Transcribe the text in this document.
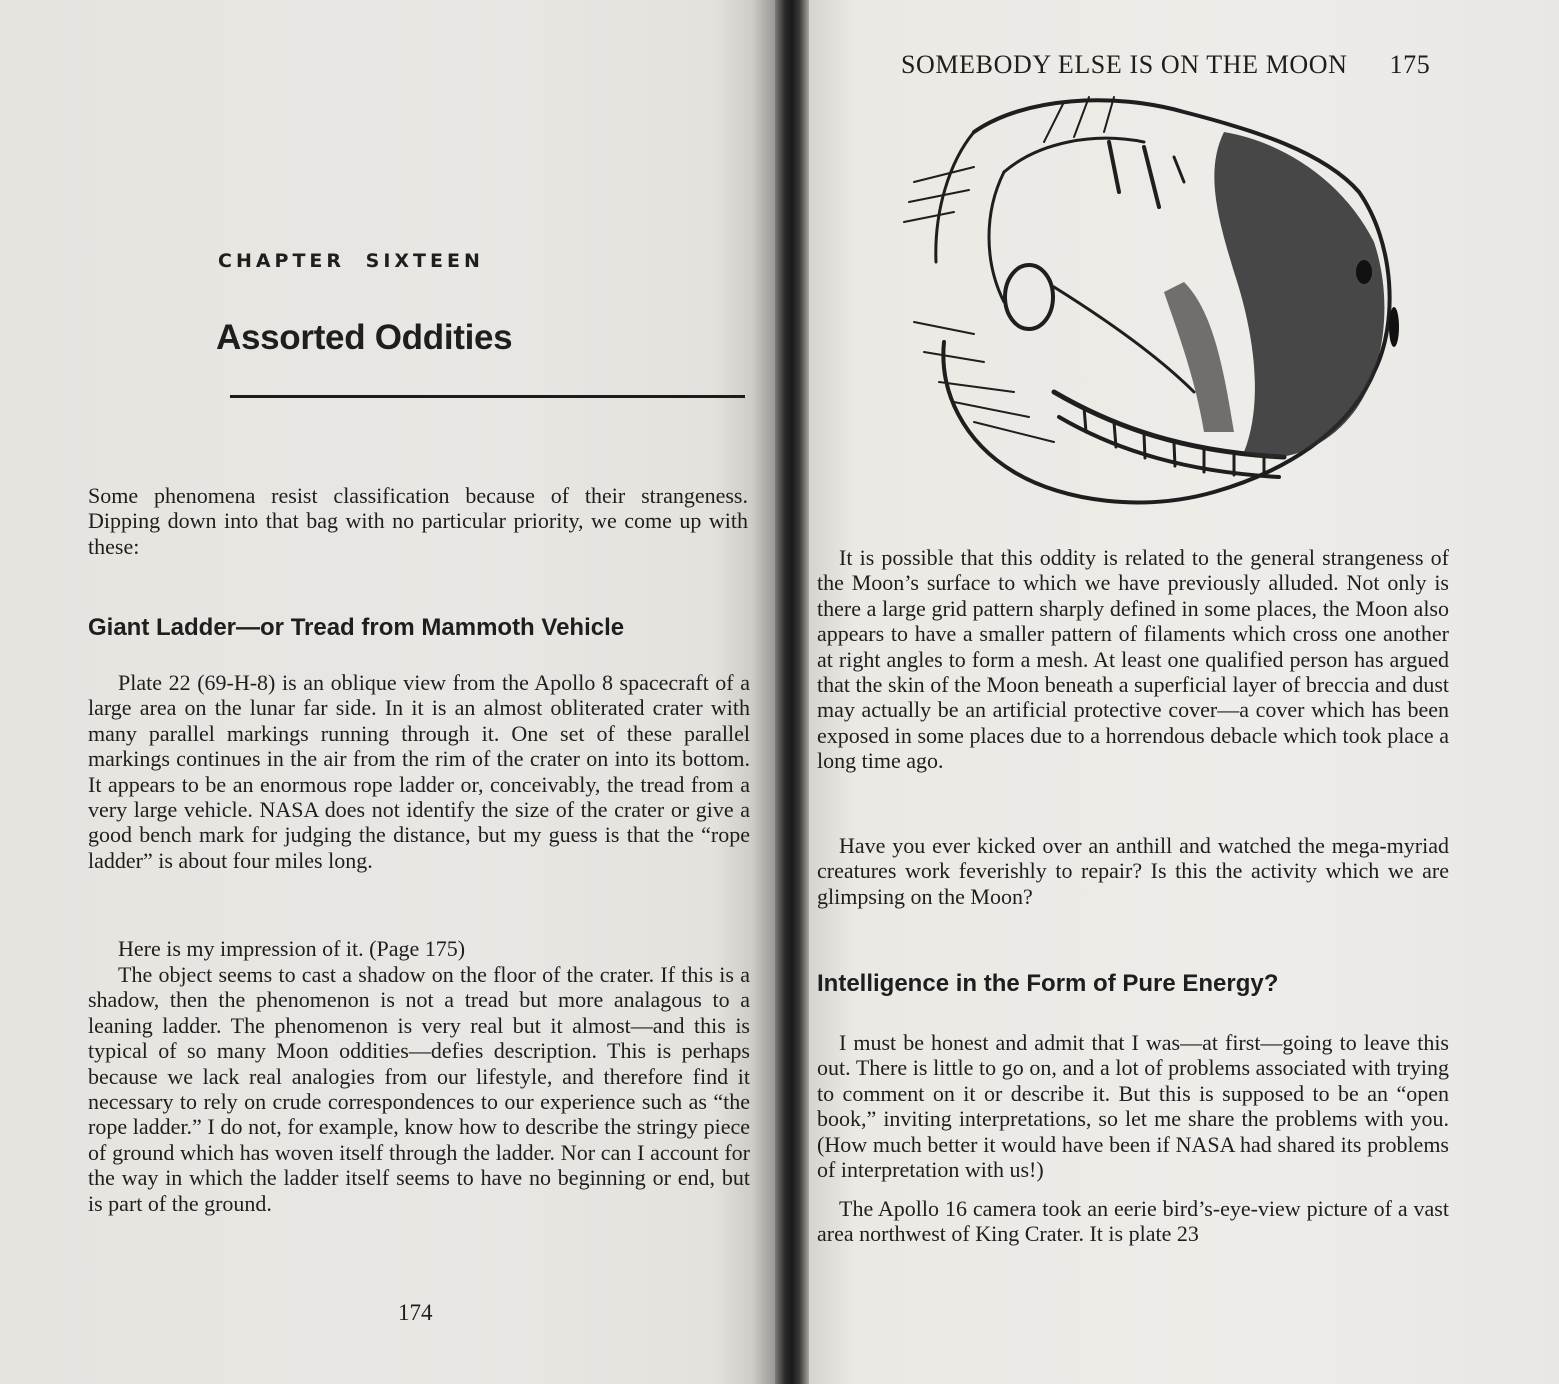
CHAPTER SIXTEEN
Assorted Oddities

Some phenomena resist classification because of their strangeness. Dipping down into that bag with no particular priority, we come up with these:

Giant Ladder—or Tread from Mammoth Vehicle

Plate 22 (69-H-8) is an oblique view from the Apollo 8 spacecraft of a large area on the lunar far side. In it is an almost obliterated crater with many parallel markings running through it. One set of these parallel markings continues in the air from the rim of the crater on into its bottom. It appears to be an enormous rope ladder or, conceivably, the tread from a very large vehicle. NASA does not identify the size of the crater or give a good bench mark for judging the distance, but my guess is that the “rope ladder” is about four miles long.

Here is my impression of it. (Page 175)

The object seems to cast a shadow on the floor of the crater. If this is a shadow, then the phenomenon is not a tread but more analagous to a leaning ladder. The phenomenon is very real but it almost—and this is typical of so many Moon oddities—defies description. This is perhaps because we lack real analogies from our lifestyle, and therefore find it necessary to rely on crude correspondences to our experience such as “the rope ladder.” I do not, for example, know how to describe the stringy piece of ground which has woven itself through the ladder. Nor can I account for the way in which the ladder itself seems to have no beginning or end, but is part of the ground.

174
SOMEBODY ELSE IS ON THE MOON 175

It is possible that this oddity is related to the general strangeness of the Moon’s surface to which we have previously alluded. Not only is there a large grid pattern sharply defined in some places, the Moon also appears to have a smaller pattern of filaments which cross one another at right angles to form a mesh. At least one qualified person has argued that the skin of the Moon beneath a superficial layer of breccia and dust may actually be an artificial protective cover—a cover which has been exposed in some places due to a horrendous debacle which took place a long time ago.

Have you ever kicked over an anthill and watched the mega-myriad creatures work feverishly to repair? Is this the activity which we are glimpsing on the Moon?

Intelligence in the Form of Pure Energy?

I must be honest and admit that I was—at first—going to leave this out. There is little to go on, and a lot of problems associated with trying to comment on it or describe it. But this is supposed to be an “open book,” inviting interpretations, so let me share the problems with you. (How much better it would have been if NASA had shared its problems of interpretation with us!)

The Apollo 16 camera took an eerie bird’s-eye-view picture of a vast area northwest of King Crater. It is plate 23
